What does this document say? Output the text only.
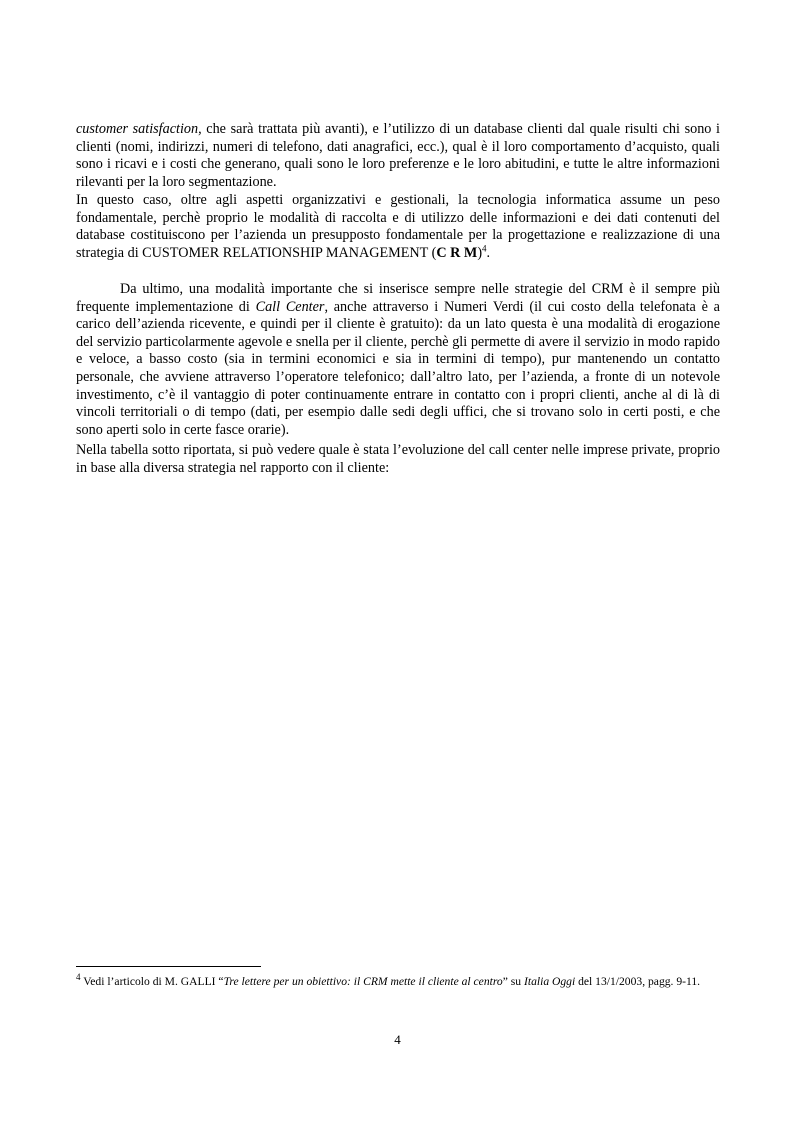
customer satisfaction, che sarà trattata più avanti), e l’utilizzo di un database clienti dal quale risulti chi sono i clienti (nomi, indirizzi, numeri di telefono, dati anagrafici, ecc.), qual è il loro comportamento d’acquisto, quali sono i ricavi e i costi che generano, quali sono le loro preferenze e le loro abitudini, e tutte le altre informazioni rilevanti per la loro segmentazione.

In questo caso, oltre agli aspetti organizzativi e gestionali, la tecnologia informatica assume un peso fondamentale, perchè proprio le modalità di raccolta e di utilizzo delle informazioni e dei dati contenuti del database costituiscono per l’azienda un presupposto fondamentale per la progettazione e realizzazione di una strategia di CUSTOMER RELATIONSHIP MANAGEMENT (C R M)$^4$.

Da ultimo, una modalità importante che si inserisce sempre nelle strategie del CRM è il sempre più frequente implementazione di Call Center, anche attraverso i Numeri Verdi (il cui costo della telefonata è a carico dell’azienda ricevente, e quindi per il cliente è gratuito): da un lato questa è una modalità di erogazione del servizio particolarmente agevole e snella per il cliente, perchè gli permette di avere il servizio in modo rapido e veloce, a basso costo (sia in termini economici e sia in termini di tempo), pur mantenendo un contatto personale, che avviene attraverso l’operatore telefonico; dall’altro lato, per l’azienda, a fronte di un notevole investimento, c’è il vantaggio di poter continuamente entrare in contatto con i propri clienti, anche al di là di vincoli territoriali o di tempo (dati, per esempio dalle sedi degli uffici, che si trovano solo in certi posti, e che sono aperti solo in certe fasce orarie).

Nella tabella sotto riportata, si può vedere quale è stata l’evoluzione del call center nelle imprese private, proprio in base alla diversa strategia nel rapporto con il cliente:

$^4$ Vedi l’articolo di M. GALLI “Tre lettere per un obiettivo: il CRM mette il cliente al centro” su Italia Oggi del 13/1/2003, pagg. 9-11.

4
